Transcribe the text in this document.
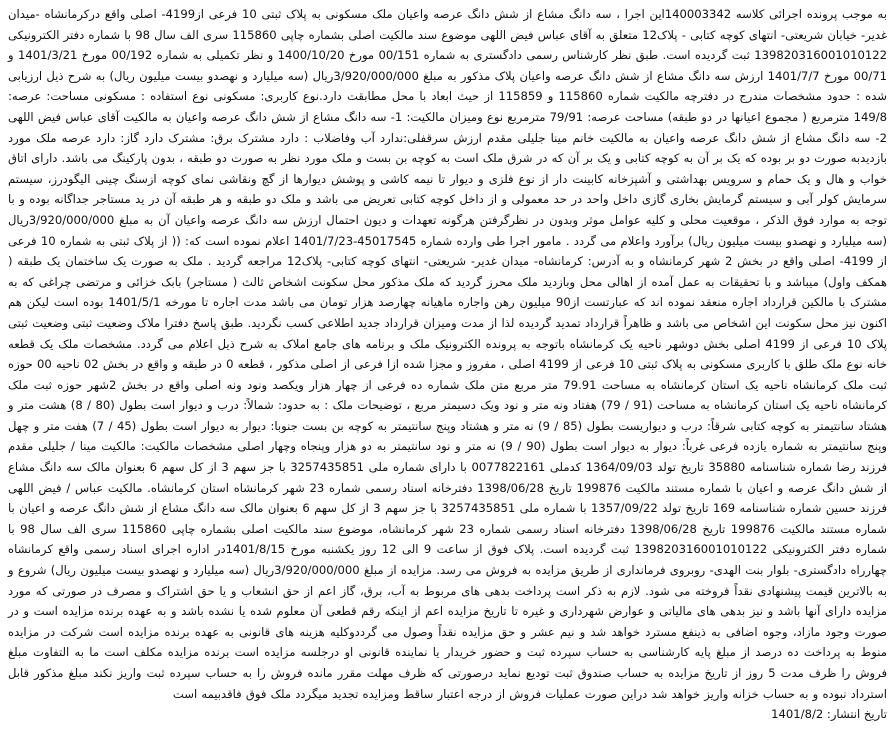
به موجب پرونده اجرائی کلاسه 140003342این اجرا ، سه دانگ مشاع از شش دانگ عرصه واعیان ملک مسکونی به پلاک ثبتی 10 فرعی از4199- اصلی واقع درکرمانشاه -میدان غدیر- خیابان شریعتی- انتهای کوچه کتابی - پلاک12 متعلق به آقای عباس فیض اللهی موضوع سند مالکیت اصلی بشماره چاپی 115860 سری الف سال 98 با شماره دفتر الکترونیکی 139820316001010122 ثبت گردیده است. طبق نظر کارشناس رسمی دادگستری به شماره 00/151 مورخ 1400/10/20 و نظر تکمیلی به شماره 00/192 مورخ 1401/3/21 و 00/71 مورخ 1401/7/7 ارزش سه دانگ مشاع از شش دانگ عرصه واعیان پلاک مذکور به مبلغ 3/920/000/000ریال (سه میلیارد و نهصدو بیست میلیون ریال) به شرح ذیل ارزیابی شده : حدود مشخصات مندرج در دفترچه مالکیت شماره 115860 و 115859 از حیث ابعاد با محل مطابقت دارد.نوع کاربری: مسکونی نوع استفاده : مسکونی مساحت: عرصه: 149/8 مترمربع ( مجموع اعیانها در دو طبقه) مساحت عرصه: 79/91 مترمربع نوع ومیزان مالکیت: 1- سه دانگ مشاع از شش دانگ عرصه واعیان به مالکیت آقای عباس فیض اللهی 2- سه دانگ مشاع از شش دانگ عرصه واعیان به مالکیت خانم مینا جلیلی مقدم ارزش سرقفلی:ندارد آب وفاضلاب : دارد مشترک برق: مشترک دارد گاز: دارد عرصه ملک مورد بازدیدبه صورت دو بر بوده که یک بر آن به کوچه کتابی و یک بر آن که در شرق ملک است به کوچه بن بست و ملک مورد نظر به صورت دو طبقه ، بدون پارکینگ می باشد. دارای اتاق خواب و هال و یک حمام و سرویس بهداشتی و آشپزخانه کابینت دار از نوع فلزی و دیوار تا نیمه کاشی و پوشش دیوارها از گچ ونقاشی نمای کوچه ازسنگ چینی الیگودرز، سیستم سرمایش کولر آبی و سیستم گرمایش بخاری گازی داخل واحد در حد معمولی و از داخل کوچه کتابی تعریض می باشد و ملک دو طبقه و هر طبقه آن در ید مستاجر جداگانه بوده و با توجه به موارد فوق الذکر ، موقعیت محلی و کلیه عوامل موثر وبدون در نظرگرفتن هرگونه تعهدات و دیون احتمال ارزش سه دانگ عرصه واعیان آن به مبلغ 3/920/000/000ریال (سه میلیارد و نهصدو بیست میلیون ریال) برآورد واعلام می گردد . مامور اجرا طی وارده شماره 45017545-1401/7/23 اعلام نموده است که: (( از پلاک ثبتی به شماره 10 فرعی از 4199- اصلی واقع در بخش 2 شهر کرمانشاه و به آدرس: کرمانشاه- میدان غدیر- شریعتی- انتهای کوچه کتابی- پلاک12 مراجعه گردید . ملک به صورت یک ساختمان یک طبقه ( همکف واول) میباشد و با تحقیقات به عمل آمده از اهالی محل وبازدید ملک محرز گردید که ملک مذکور محل سکونت اشخاص ثالث ( مستاجر) بابک خزائی و مرتضی چراغی که به مشترک با مالکین قرارداد اجاره منعقد نموده اند که عبارتست از90 میلیون رهن واجاره ماهیانه چهارصد هزار تومان می باشد مدت اجاره تا مورخه 1401/5/1 بوده است لیکن هم اکنون نیز محل سکونت این اشخاص می باشد و ظاهراً قرارداد تمدید گردیده لذا از مدت ومیزان قرارداد جدید اطلاعی کسب نگردید. طبق پاسخ دفترا ملاک وضعیت ثبتی وضعیت ثبتی پلاک 10 فرعی از 4199 اصلی بخش دوشهر ناحیه یک کرمانشاه باتوجه به پرونده الکترونیک ملک و برنامه های جامع املاک به شرح ذیل اعلام می گردد. مشخصات ملک یک قطعه خانه نوع ملک طلق با کاربری مسکونی به پلاک ثبتی 10 فرعی از 4199 اصلی ، مفروز و مجزا شده ازا فرعی از اصلی مذکور ، قطعه 0 در طبقه و واقع در بخش 02 ناحیه 00 حوزه ثبت ملک کرمانشاه ناحیه یک استان کرمانشاه به مساحت 79.91 متر مربع متن ملک شماره ده فرعی از چهار هزار ویکصد ونود ونه اصلی واقع در بخش 2شهر حوزه ثبت ملک کرمانشاه ناحیه یک استان کرمانشاه به مساحت (91 / 79) هفتاد ونه متر و نود ویک دسیمتر مربع ، توضیحات ملک : به حدود: شمالاً: درب و دیوار است بطول (80 / 8) هشت متر و هشتاد سانتیمتر به کوچه کتابی شرقاً: درب و دیواریست بطول (85 / 9) نه متر و هشتاد وپنج سانتیمتر به کوچه بن بست جنوبا: دیوار به دیوار است بطول (45 / 7) هفت متر و چهل وپنج سانتیمتر به شماره یازده فرعی غرباً: دیوار به دیوار است بطول (90 / 9) نه متر و نود سانتیمتر به دو هزار وپنجاه وچهار اصلی مشخصات مالکیت: مالکیت مینا / جلیلی مقدم فرزند رضا شماره شناسنامه 35880 تاریخ تولد 1364/09/03 کدملی 0077822161 با دارای شماره ملی 3257435851 با جز سهم 3 از کل سهم 6 بعنوان مالک سه دانگ مشاع از شش دانگ عرصه و اعیان با شماره مستند مالکیت 199876 تاریخ 1398/06/28 دفترخانه اسناد رسمی شماره 23 شهر کرمانشاه استان کرمانشاه. مالکیت عباس / فیض اللهی فرزند حسین شماره شناسنامه 169 تاریخ تولد 1357/09/22 با شماره ملی 3257435851 با جز سهم 3 از کل سهم 6 بعنوان مالک سه دانگ مشاع از شش دانگ عرصه و اعیان با شماره مستند مالکیت 199876 تاریخ 1398/06/28 دفترخانه اسناد رسمی شماره 23 شهر کرمانشاه، موضوع سند مالکیت اصلی بشماره چاپی 115860 سری الف سال 98 با شماره دفتر الکترونیکی 139820316001010122 ثبت گردیده است. پلاک فوق از ساعت 9 الی 12 روز یکشنبه مورخ 1401/8/15در اداره اجرای اسناد رسمی واقع کرمانشاه چهارراه دادگستری- بلوار بنت الهدی- روبروی فرمانداری از طریق مزایده به فروش می رسد. مزایده از مبلغ 3/920/000/000ریال (سه میلیارد و نهصدو بیست میلیون ریال) شروع و به بالاترین قیمت پیشنهادی نقداً فروخته می شود. لازم به ذکر است پرداخت بدهی های مربوط به آب، برق، گاز اعم از حق انشعاب و یا حق اشتراک و مصرف در صورتی که مورد مزایده دارای آنها باشد و نیز بدهی های مالیاتی و عوارض شهرداری و غیره تا تاریخ مزایده اعم از اینکه رقم قطعی آن معلوم شده یا نشده باشد و به عهده برنده مزایده است و در صورت وجود مازاد، وجوه اضافی به ذینفع مسترد خواهد شد و نیم عشر و حق مزایده نقداً وصول می گرددوکلیه هزینه های قانونی به عهده برنده مزایده است شرکت در مزایده منوط به پرداخت ده درصد از مبلغ پایه کارشناسی به حساب سپرده ثبت و حضور خریدار یا نماینده قانونی او درجلسه مزایده است برنده مزایده مکلف است ما به التفاوت مبلغ فروش را ظرف مدت 5 روز از تاریخ مزایده به حساب صندوق ثبت تودیع نماید درصورتی که ظرف مهلت مقرر مانده فروش را به حساب سپرده ثبت واریز نکند مبلغ مذکور قابل استرداد نبوده و به حساب خزانه واریز خواهد شد دراین صورت عملیات فروش از درجه اعتبار ساقط ومزایده تجدید میگردد ملک فوق فاقدبیمه است

تاریخ انتشار: 1401/8/2
